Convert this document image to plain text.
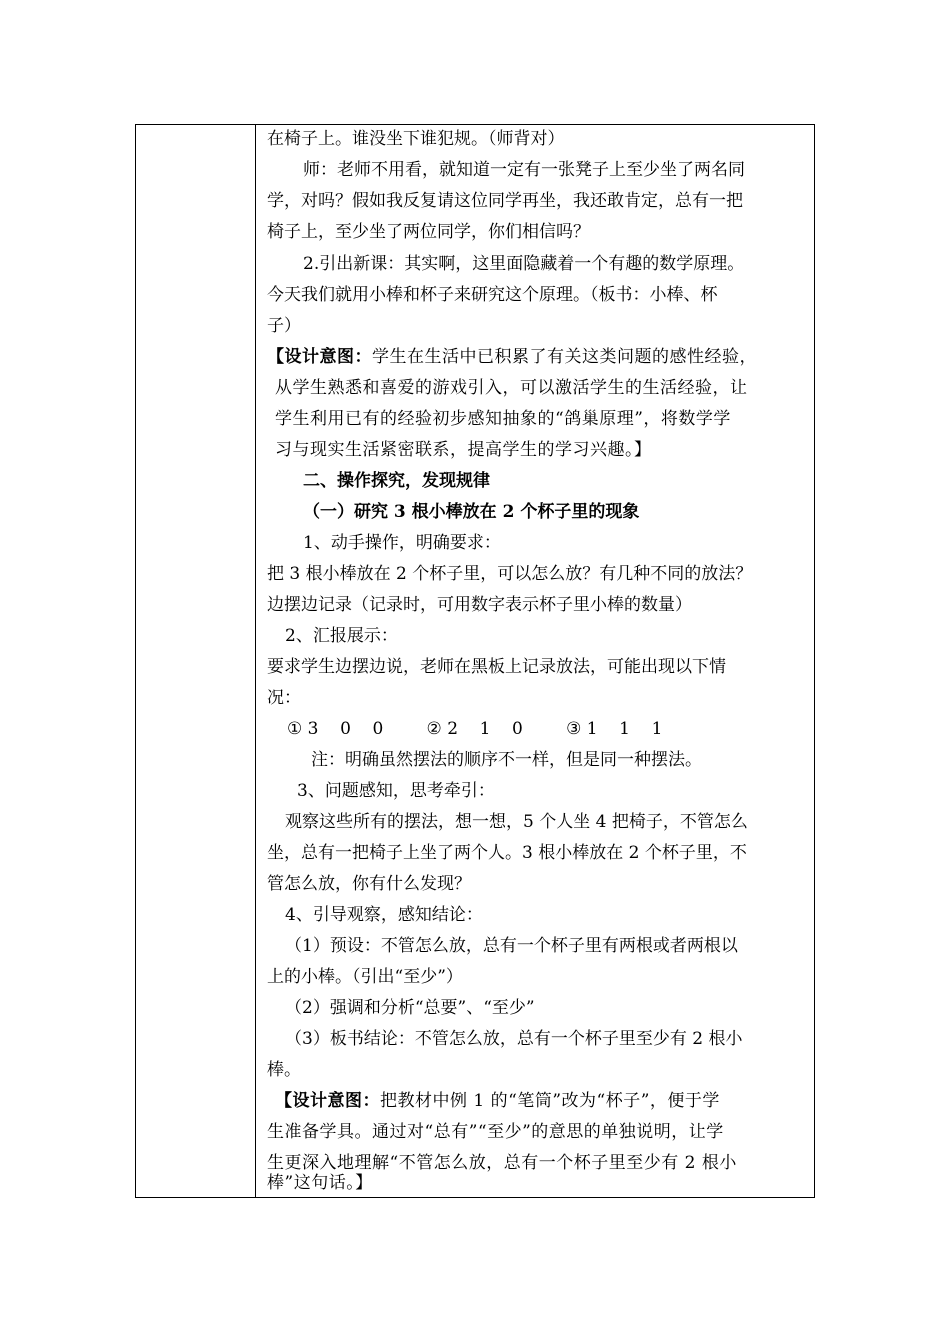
在椅子上。谁没坐下谁犯规。（师背对）
师：老师不用看，就知道一定有一张凳子上至少坐了两名同
学，对吗？假如我反复请这位同学再坐，我还敢肯定，总有一把
椅子上，至少坐了两位同学，你们相信吗？
2.引出新课：其实啊，这里面隐藏着一个有趣的数学原理。
今天我们就用小棒和杯子来研究这个原理。（板书：小棒、杯
子）
【设计意图：学生在生活中已积累了有关这类问题的感性经验，
从学生熟悉和喜爱的游戏引入，可以激活学生的生活经验，让
学生利用已有的经验初步感知抽象的“鸽巢原理”，将数学学
习与现实生活紧密联系，提高学生的学习兴趣。】
二、操作探究，发现规律
（一）研究 3 根小棒放在 2 个杯子里的现象
1、动手操作，明确要求：
把 3 根小棒放在 2 个杯子里，可以怎么放？有几种不同的放法？
边摆边记录（记录时，可用数字表示杯子里小棒的数量）
2、汇报展示：
要求学生边摆边说，老师在黑板上记录放法，可能出现以下情
况：
① 3    0    0        ② 2    1    0        ③ 1    1    1
注：明确虽然摆法的顺序不一样，但是同一种摆法。
3、问题感知，思考牵引：
观察这些所有的摆法，想一想，5 个人坐 4 把椅子，不管怎么
坐，总有一把椅子上坐了两个人。3 根小棒放在 2 个杯子里，不
管怎么放，你有什么发现？
4、引导观察，感知结论：
（1）预设：不管怎么放，总有一个杯子里有两根或者两根以
上的小棒。（引出“至少”）
（2）强调和分析“总要”、“至少”
（3）板书结论：不管怎么放，总有一个杯子里至少有 2 根小
棒。
【设计意图：把教材中例 1 的“笔筒”改为“杯子”，便于学
生准备学具。通过对“总有”“至少”的意思的单独说明，让学
生更深入地理解“不管怎么放，总有一个杯子里至少有 2 根小
棒”这句话。】
